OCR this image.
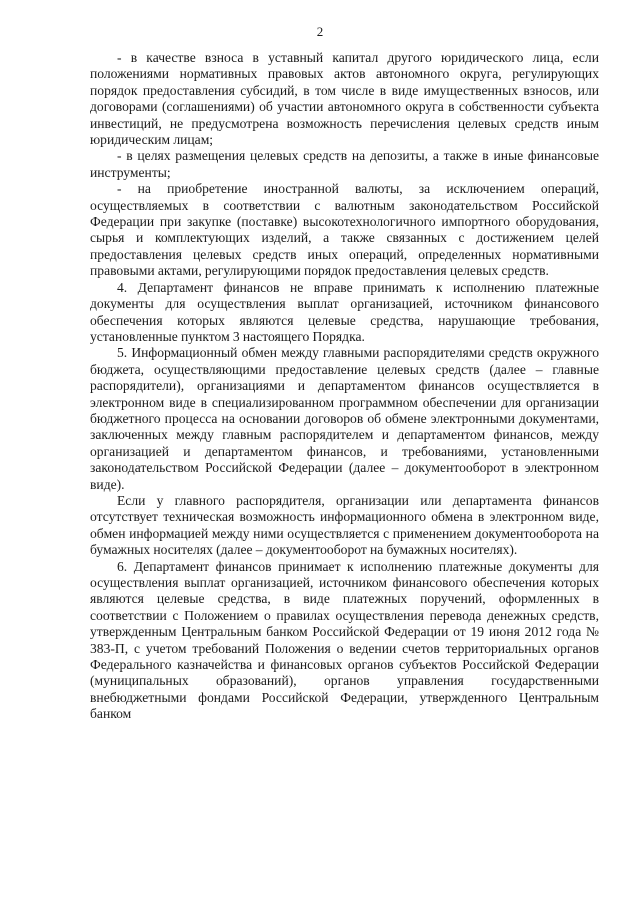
2

- в качестве взноса в уставный капитал другого юридического лица, если положениями нормативных правовых актов автономного округа, регулирующих порядок предоставления субсидий, в том числе в виде имущественных взносов, или договорами (соглашениями) об участии автономного округа в собственности субъекта инвестиций, не предусмотрена возможность перечисления целевых средств иным юридическим лицам;

- в целях размещения целевых средств на депозиты, а также в иные финансовые инструменты;

- на приобретение иностранной валюты, за исключением операций, осуществляемых в соответствии с валютным законодательством Российской Федерации при закупке (поставке) высокотехнологичного импортного оборудования, сырья и комплектующих изделий, а также связанных с достижением целей предоставления целевых средств иных операций, определенных нормативными правовыми актами, регулирующими порядок предоставления целевых средств.

4. Департамент финансов не вправе принимать к исполнению платежные документы для осуществления выплат организацией, источником финансового обеспечения которых являются целевые средства, нарушающие требования, установленные пунктом 3 настоящего Порядка.

5. Информационный обмен между главными распорядителями средств окружного бюджета, осуществляющими предоставление целевых средств (далее – главные распорядители), организациями и департаментом финансов осуществляется в электронном виде в специализированном программном обеспечении для организации бюджетного процесса на основании договоров об обмене электронными документами, заключенных между главным распорядителем и департаментом финансов, между организацией и департаментом финансов, и требованиями, установленными законодательством Российской Федерации (далее – документооборот в электронном виде).

Если у главного распорядителя, организации или департамента финансов отсутствует техническая возможность информационного обмена в электронном виде, обмен информацией между ними осуществляется с применением документооборота на бумажных носителях (далее – документооборот на бумажных носителях).

6. Департамент финансов принимает к исполнению платежные документы для осуществления выплат организацией, источником финансового обеспечения которых являются целевые средства, в виде платежных поручений, оформленных в соответствии с Положением о правилах осуществления перевода денежных средств, утвержденным Центральным банком Российской Федерации от 19 июня 2012 года № 383-П, с учетом требований Положения о ведении счетов территориальных органов Федерального казначейства и финансовых органов субъектов Российской Федерации (муниципальных образований), органов управления государственными внебюджетными фондами Российской Федерации, утвержденного Центральным банком
